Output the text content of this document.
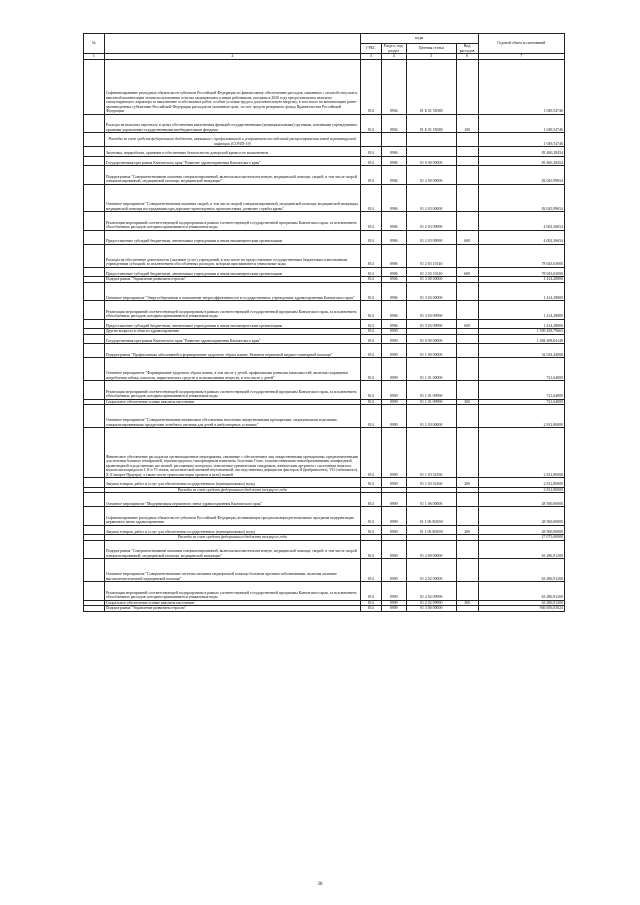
№		коды				Годовой объем ассигнований
		ГРБС	Раздел, под- раздел	Целевая статья	Вид расходов	
1	2	3	4	5	6	7
	Софинансирование расходных обязательств субъектов Российской Федерации по финансовому обеспечению расходов, связанных с оплатой отпусков и выплатой компенсации за неиспользованные отпуска медицинским и иным работникам, которым в 2020 году предоставлялись выплаты стимулирующего характера за выполнение особо важных работ, особые условия труда и дополнительную нагрузку, в том числе на компенсацию ранее произведенных субъектами Российской Федерации расходов на указанные цели, за счет средств резервного фонда Правительства Российской Федерации	814	0904	01 Б 01 58380		1 049,54746
	Расходы на выплаты персоналу в целях обеспечения выполнения функций государственными (муниципальными) органами, казенными учреждениями, органами управления государственными внебюджетными фондами	814	0904	01 Б 01 58380	100	1 049,54746
	Расходы за счет средств федерального бюджета, связанные с профилактикой и устранением последствий распространения новой коронавирусной инфекции (COVID-19)					1 049,54746
	Заготовка, переработка, хранение и обеспечение безопасности донорской крови и ее компонентов	814	0906			83 460,28454
	Государственная программа Камчатского края "Развитие здравоохранения Камчатского края"	814	0906	01 0 00 00000		83 460,28454
	Подпрограмма "Совершенствование оказания специализированной, включая высокотехнологичную, медицинской помощи, скорой, в том числе скорой специализированной, медицинской помощи, медицинской эвакуации"	814	0906	01 2 00 00000		82 045,99654
	Основное мероприятие "Совершенствование оказания скорой, в том числе скорой специализированной, медицинской помощи, медицинской эвакуации, медицинской помощи пострадавшим при дорожно-транспортных происшествиях, развитие службы крови"	814	0906	01 2 03 00000		82 045,99654
	Реализация мероприятий соответствующей подпрограммы в рамках соответствующей государственной программы Камчатского края, за исключением обособленных расходов, которым присваиваются уникальные коды	814	0906	01 2 03 09990		4 002,36654
	Предоставление субсидий бюджетным, автономным учреждениям и иным некоммерческим организациям	814	0906	01 2 03 09990	600	4 002,36654
	Расходы на обеспечение деятельности (оказание услуг) учреждений, в том числе на предоставление государственным бюджетным и автономным учреждениям субсидий, за исключением обособленных расходов, которым присваиваются уникальные коды	814	0906	01 2 03 10140		78 043,63000
	Предоставление субсидий бюджетным, автономным учреждениям и иным некоммерческим организациям	814	0906	01 2 03 10140	600	78 043,63000
	Подпрограмма "Управление развитием отрасли"	814	0906	01 3 00 00000		1 414,28800
	Основное мероприятие "Энергосбережение и повышение энергоэффективности в государственных учреждениях здравоохранения Камчатского края"	814	0906	01 3 03 00000		1 414,28800
	Реализация мероприятий соответствующей подпрограммы в рамках соответствующей государственной программы Камчатского края, за исключением обособленных расходов, которым присваиваются уникальные коды	814	0906	01 3 03 09990		1 414,28800
	Предоставление субсидий бюджетным, автономным учреждениям и иным некоммерческим организациям	814	0906	01 3 03 09990	600	1 414,28800
	Другие вопросы в области здравоохранения	814	0909			1 509 458,79663
	Государственная программа Камчатского края "Развитие здравоохранения Камчатского края"	814	0909	01 0 00 00000		1 484 408,04149
	Подпрограмма "Профилактика заболеваний и формирование здорового образа жизни. Развитие первичной медико-санитарной помощи"	814	0909	01 1 00 00000		32 034,44000
	Основное мероприятие "Формирование здорового образа жизни, в том числе у детей, профилактика развития зависимостей, включая сокращение потребления табака, алкоголя, наркотических средств и психоактивных веществ, в том числе у детей"	814	0909	01 1 01 00000		721,64000
	Реализация мероприятий соответствующей подпрограммы в рамках соответствующей государственной программы Камчатского края, за исключением обособленных расходов, которым присваиваются уникальные коды	814	0909	01 1 01 09990		721,64000
	Социальное обеспечение и иные выплаты населению	814	0909	01 1 01 09990	300	721,64000
	Основное мероприятие "Совершенствование механизмов обеспечения населения лекарственными препаратами, медицинскими изделиями, специализированными продуктами лечебного питания для детей в амбулаторных условиях"	814	0909	01 1 03 00000		2 812,80000
	Финансовое обеспечение расходов на организационные мероприятия, связанные с обеспечением лиц лекарственными препаратами, предназначенными для лечения больных гемофилией, муковисцидозом, гипофизарным нанизмом, болезнью Гоше, злокачественными новообразованиями лимфоидной, кроветворной и родственных им тканей, рассеянным склерозом, гемолитико-уремическим синдромом, юношеским артритом с системным началом, мукополисахаридозом I, II и VI типов, апластической анемией неуточненной, наследственным дефицитом факторов II (фибриногена), VII (лабильного), X (Стюарта-Прауэра), а также после трансплантации органов и (или) тканей	814	0909	01 1 03 52160		2 812,80000
	Закупка товаров, работ и услуг для обеспечения государственных (муниципальных) нужд	814	0909	01 1 03 52160	200	2 812,80000
	Расходы за счет средств федерального бюджета текущего года					2 812,80000
	Основное мероприятие "Модернизация первичного звена здравоохранения Камчатского края"	814	0909	01 1 06 00000		28 500,00000
	Софинансирование расходных обязательств субъектов Российской Федерации, возникающих при реализации региональных программ модернизации первичного звена здравоохранения	814	0909	01 1 06 R3650		28 500,00000
	Закупка товаров, работ и услуг для обеспечения государственных (муниципальных) нужд	814	0909	01 1 06 R3650	200	28 500,00000
	Расходы за счет средств федерального бюджета текущего года					27 075,00000
	Подпрограмма "Совершенствование оказания специализированной, включая высокотехнологичную, медицинской помощи, скорой, в том числе скорой специализированной, медицинской помощи, медицинской эвакуации"	814	0909	01 2 00 00000		63 286,91200
	Основное мероприятие "Совершенствование системы оказания медицинской помощи больным прочими заболеваниями, включая оказание высокотехнологичной медицинской помощи"	814	0909	01 2 02 00000		63 286,91200
	Реализация мероприятий соответствующей подпрограммы в рамках соответствующей государственной программы Камчатского края, за исключением обособленных расходов, которым присваиваются уникальные коды	814	0909	01 2 02 09990		63 286,91200
	Социальное обеспечение и иные выплаты населению	814	0909	01 2 02 09990	300	63 286,91200
	Подпрограмма "Управление развитием отрасли"	814	0909	01 3 00 00000		946 656,03024
38
